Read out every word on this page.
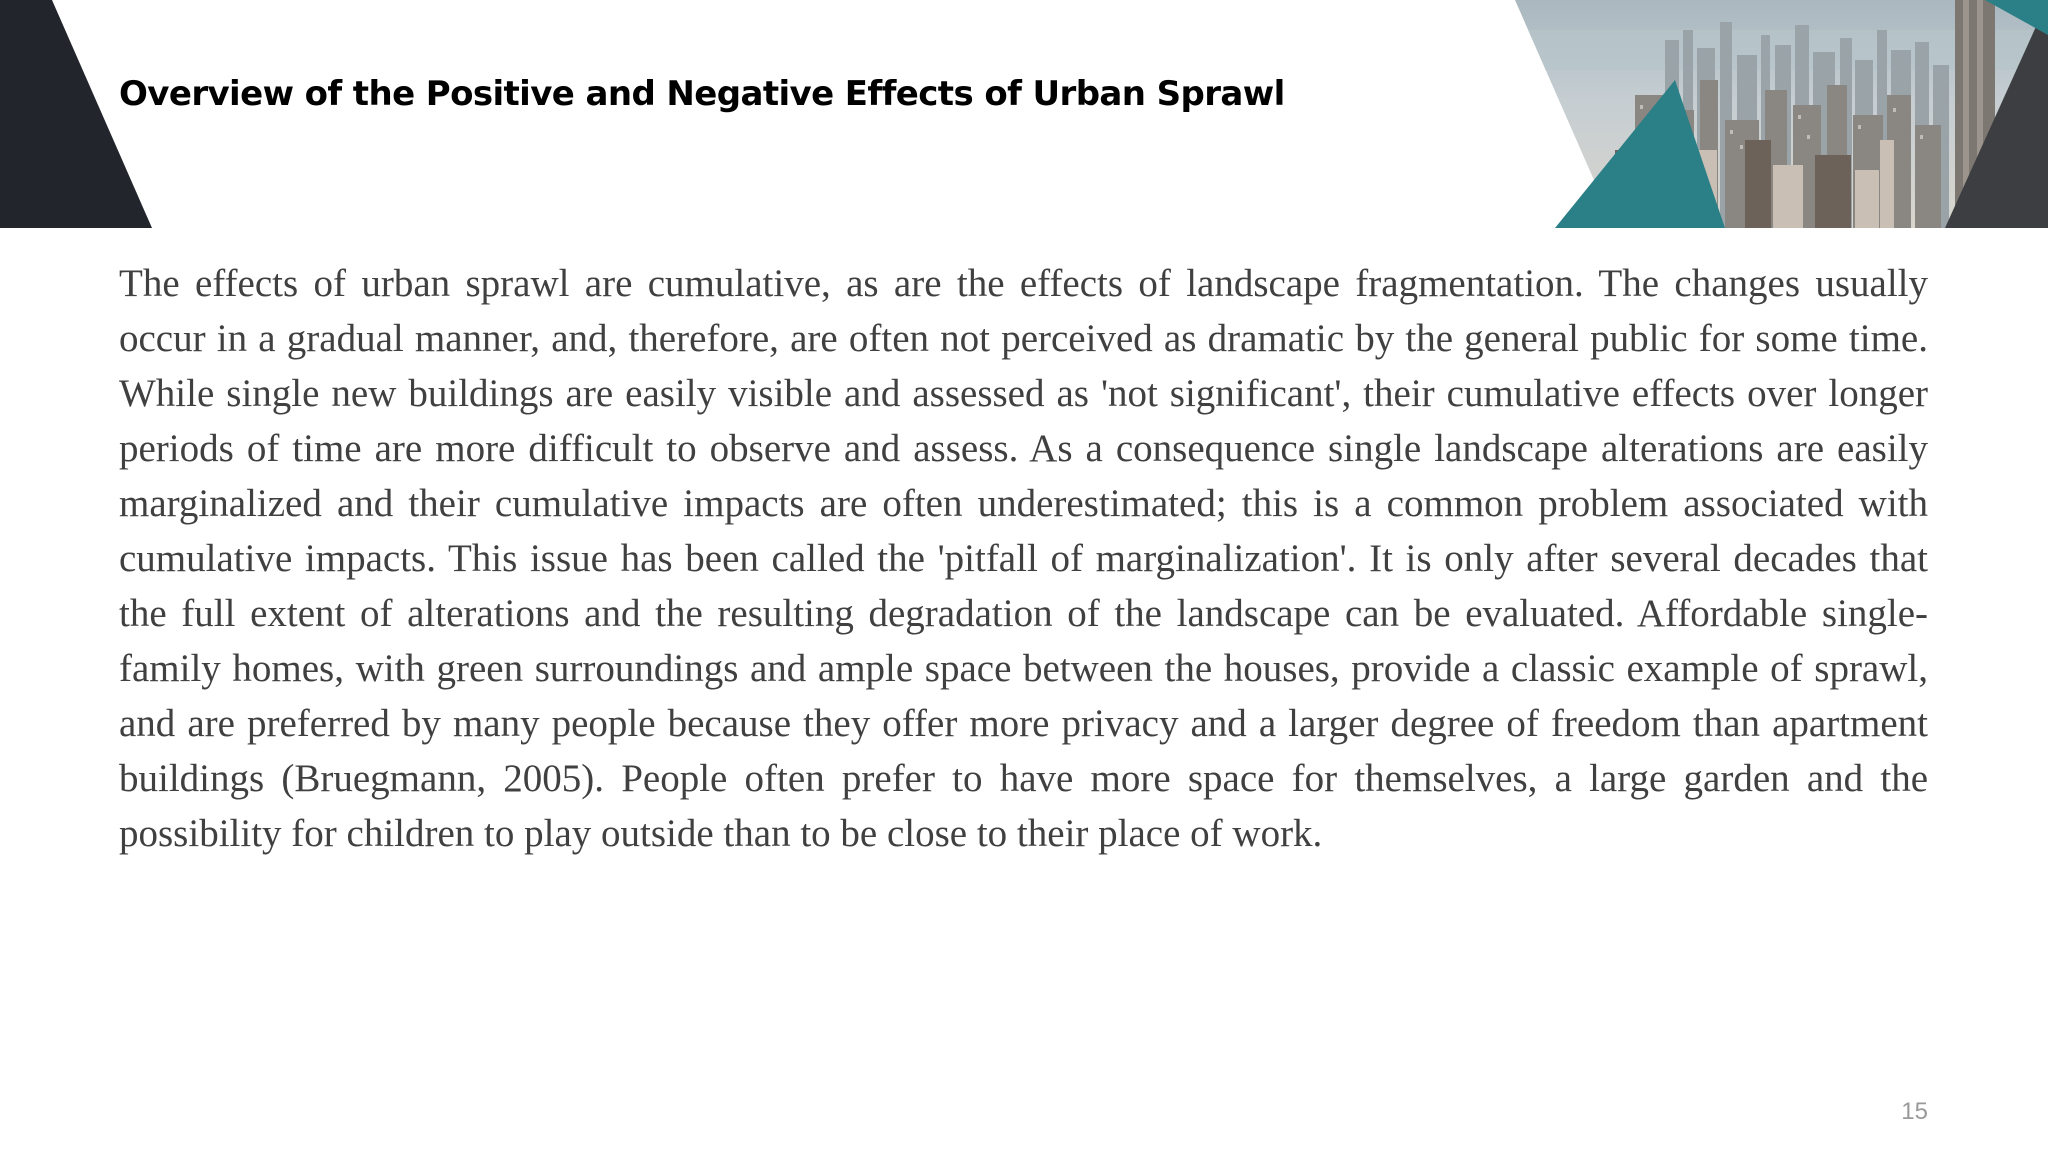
Overview of the Positive and Negative Effects of Urban Sprawl

The effects of urban sprawl are cumulative, as are the effects of landscape fragmentation. The changes usually occur in a gradual manner, and, therefore, are often not perceived as dramatic by the general public for some time. While single new buildings are easily visible and assessed as 'not significant', their cumulative effects over longer periods of time are more difficult to observe and assess. As a consequence single landscape alterations are easily marginalized and their cumulative impacts are often underestimated; this is a common problem associated with cumulative impacts. This issue has been called the 'pitfall of marginalization'. It is only after several decades that the full extent of alterations and the resulting degradation of the landscape can be evaluated. Affordable single-family homes, with green surroundings and ample space between the houses, provide a classic example of sprawl, and are preferred by many people because they offer more privacy and a larger degree of freedom than apartment buildings (Bruegmann, 2005). People often prefer to have more space for themselves, a large garden and the possibility for children to play outside than to be close to their place of work.

15
